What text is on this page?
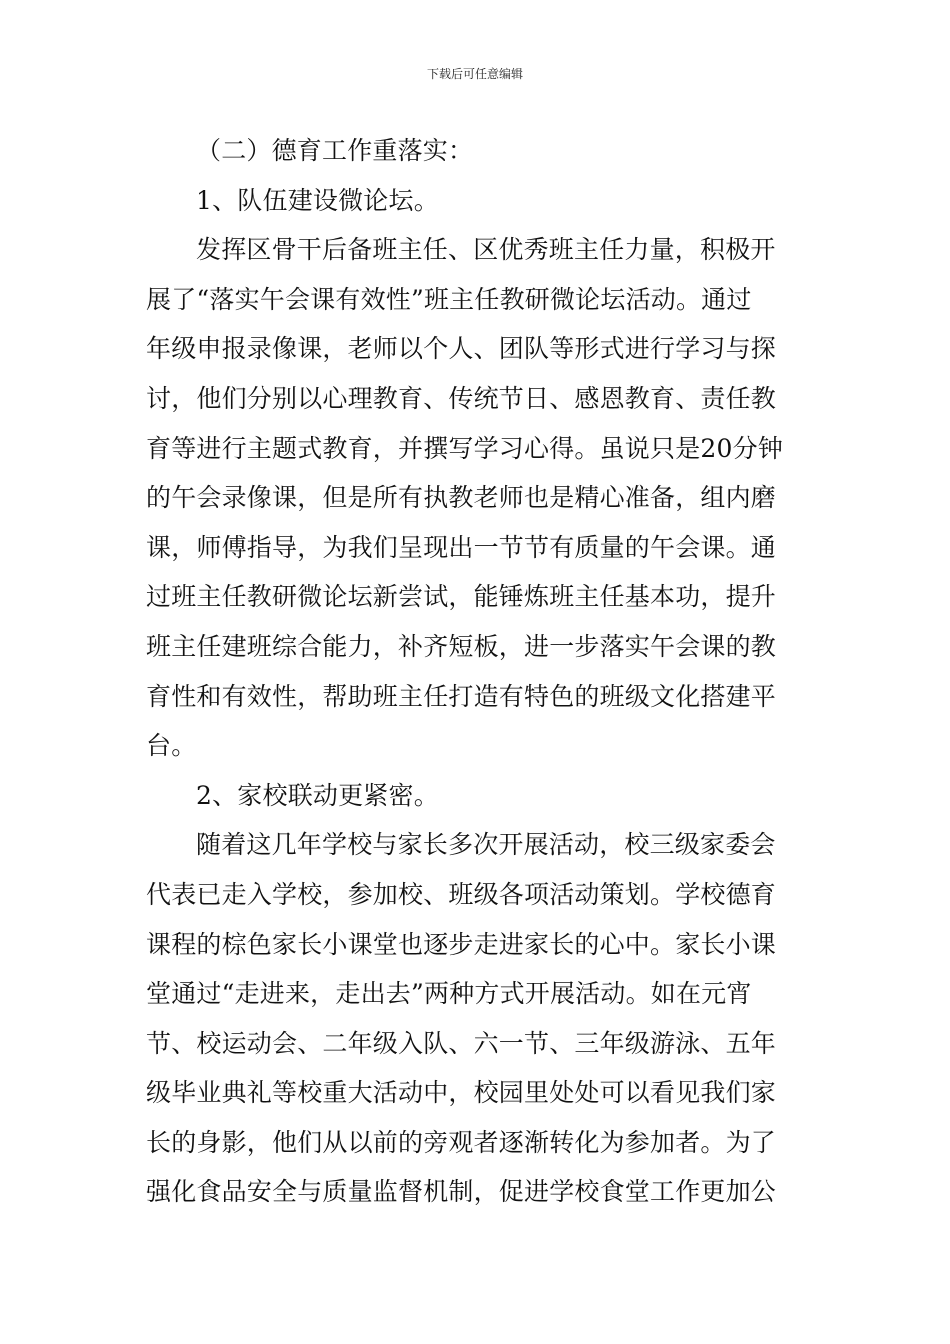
下载后可任意编辑
（二）德育工作重落实：
1、队伍建设微论坛。
发挥区骨干后备班主任、区优秀班主任力量，积极开
展了“落实午会课有效性”班主任教研微论坛活动。通过
年级申报录像课，老师以个人、团队等形式进行学习与探
讨，他们分别以心理教育、传统节日、感恩教育、责任教
育等进行主题式教育，并撰写学习心得。虽说只是20分钟
的午会录像课，但是所有执教老师也是精心准备，组内磨
课，师傅指导，为我们呈现出一节节有质量的午会课。通
过班主任教研微论坛新尝试，能锤炼班主任基本功，提升
班主任建班综合能力，补齐短板，进一步落实午会课的教
育性和有效性，帮助班主任打造有特色的班级文化搭建平
台。
2、家校联动更紧密。
随着这几年学校与家长多次开展活动，校三级家委会
代表已走入学校，参加校、班级各项活动策划。学校德育
课程的棕色家长小课堂也逐步走进家长的心中。家长小课
堂通过“走进来，走出去”两种方式开展活动。如在元宵
节、校运动会、二年级入队、六一节、三年级游泳、五年
级毕业典礼等校重大活动中，校园里处处可以看见我们家
长的身影，他们从以前的旁观者逐渐转化为参加者。为了
强化食品安全与质量监督机制，促进学校食堂工作更加公
